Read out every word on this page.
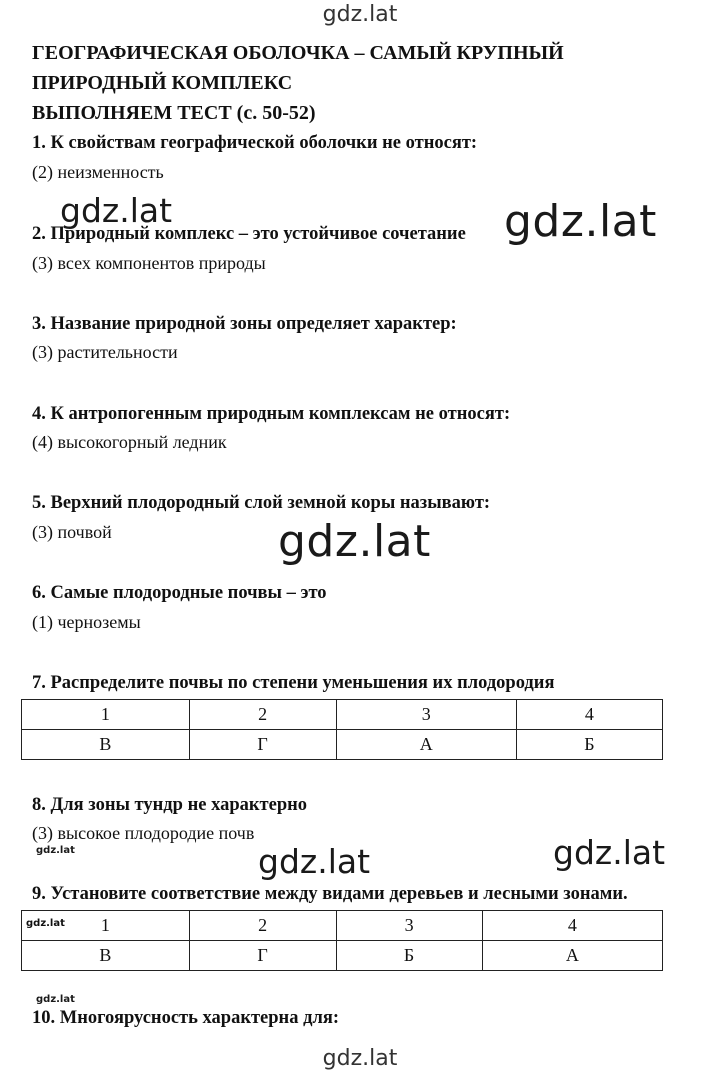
gdz.lat
ГЕОГРАФИЧЕСКАЯ ОБОЛОЧКА – САМЫЙ КРУПНЫЙ
ПРИРОДНЫЙ КОМПЛЕКС
ВЫПОЛНЯЕМ ТЕСТ (с. 50-52)
1. К свойствам географической оболочки не относят:
(2) неизменность
2. Природный комплекс – это устойчивое сочетание
(3) всех компонентов природы
3. Название природной зоны определяет характер:
(3) растительности
4. К антропогенным природным комплексам не относят:
(4) высокогорный ледник
5. Верхний плодородный слой земной коры называют:
(3) почвой
6. Самые плодородные почвы – это
(1) черноземы
7. Распределите почвы по степени уменьшения их плодородия
1	2	3	4
В	Г	А	Б
8. Для зоны тундр не характерно
(3) высокое плодородие почв
9. Установите соответствие между видами деревьев и лесными зонами.
gdz.lat 1	2	3	4
В	Г	Б	А
10. Многоярусность характерна для:
gdz.lat	gdz.lat
gdz.lat
gdz.lat	gdz.lat	gdz.lat
gdz.lat
gdz.lat
